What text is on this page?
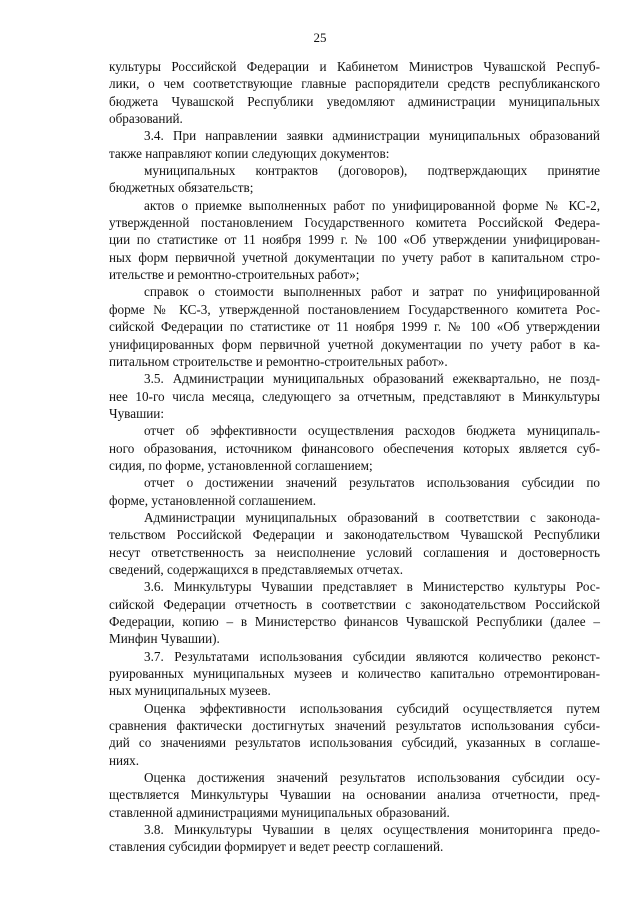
25
культуры Российской Федерации и Кабинетом Министров Чувашской Респуб-
лики, о чем соответствующие главные распорядители средств республиканского
бюджета Чувашской Республики уведомляют администрации муниципальных
образований.
3.4. При направлении заявки администрации муниципальных образований
также направляют копии следующих документов:
муниципальных контрактов (договоров), подтверждающих принятие
бюджетных обязательств;
актов о приемке выполненных работ по унифицированной форме № КС-2,
утвержденной постановлением Государственного комитета Российской Федера-
ции по статистике от 11 ноября 1999 г. № 100 «Об утверждении унифицирован-
ных форм первичной учетной документации по учету работ в капитальном стро-
ительстве и ремонтно-строительных работ»;
справок о стоимости выполненных работ и затрат по унифицированной
форме № КС-3, утвержденной постановлением Государственного комитета Рос-
сийской Федерации по статистике от 11 ноября 1999 г. № 100 «Об утверждении
унифицированных форм первичной учетной документации по учету работ в ка-
питальном строительстве и ремонтно-строительных работ».
3.5. Администрации муниципальных образований ежеквартально, не позд-
нее 10-го числа месяца, следующего за отчетным, представляют в Минкультуры
Чувашии:
отчет об эффективности осуществления расходов бюджета муниципаль-
ного образования, источником финансового обеспечения которых является суб-
сидия, по форме, установленной соглашением;
отчет о достижении значений результатов использования субсидии по
форме, установленной соглашением.
Администрации муниципальных образований в соответствии с законода-
тельством Российской Федерации и законодательством Чувашской Республики
несут ответственность за неисполнение условий соглашения и достоверность
сведений, содержащихся в представляемых отчетах.
3.6. Минкультуры Чувашии представляет в Министерство культуры Рос-
сийской Федерации отчетность в соответствии с законодательством Российской
Федерации, копию – в Министерство финансов Чувашской Республики (далее –
Минфин Чувашии).
3.7. Результатами использования субсидии являются количество реконст-
руированных муниципальных музеев и количество капитально отремонтирован-
ных муниципальных музеев.
Оценка эффективности использования субсидий осуществляется путем
сравнения фактически достигнутых значений результатов использования субси-
дий со значениями результатов использования субсидий, указанных в соглаше-
ниях.
Оценка достижения значений результатов использования субсидии осу-
ществляется Минкультуры Чувашии на основании анализа отчетности, пред-
ставленной администрациями муниципальных образований.
3.8. Минкультуры Чувашии в целях осуществления мониторинга предо-
ставления субсидии формирует и ведет реестр соглашений.
